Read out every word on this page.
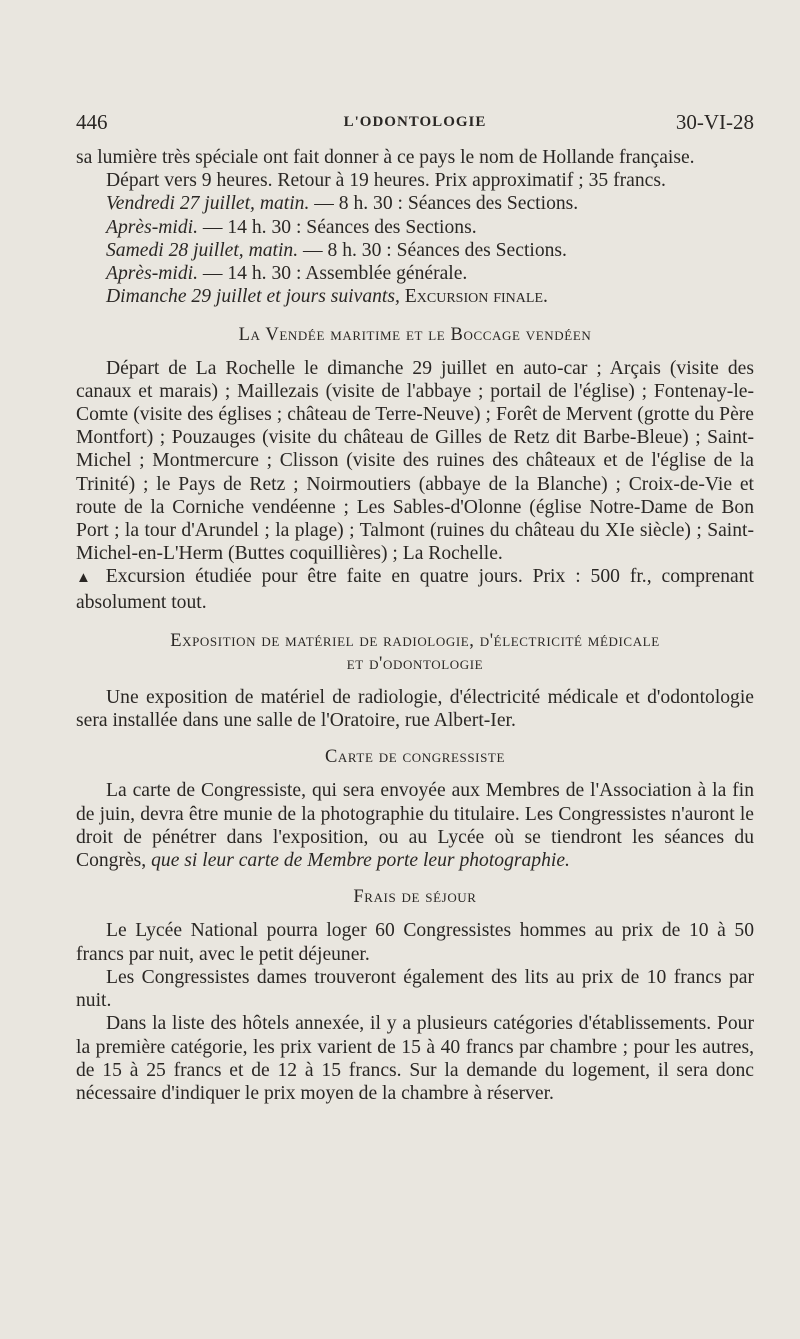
446	L'ODONTOLOGIE	30-VI-28

sa lumière très spéciale ont fait donner à ce pays le nom de Hollande française.

Départ vers 9 heures. Retour à 19 heures. Prix approximatif ; 35 francs.

Vendredi 27 juillet, matin. — 8 h. 30 : Séances des Sections.

Après-midi. — 14 h. 30 : Séances des Sections.

Samedi 28 juillet, matin. — 8 h. 30 : Séances des Sections.

Après-midi. — 14 h. 30 : Assemblée générale.

Dimanche 29 juillet et jours suivants, Excursion finale.

La Vendée maritime et le Boccage vendéen

Départ de La Rochelle le dimanche 29 juillet en auto-car ; Arçais (visite des canaux et marais) ; Maillezais (visite de l'abbaye ; portail de l'église) ; Fontenay-le-Comte (visite des églises ; château de Terre-Neuve) ; Forêt de Mervent (grotte du Père Montfort) ; Pouzauges (visite du château de Gilles de Retz dit Barbe-Bleue) ; Saint-Michel ; Montmercure ; Clisson (visite des ruines des châteaux et de l'église de la Trinité) ; le Pays de Retz ; Noirmoutiers (abbaye de la Blanche) ; Croix-de-Vie et route de la Corniche vendéenne ; Les Sables-d'Olonne (église Notre-Dame de Bon Port ; la tour d'Arundel ; la plage) ; Talmont (ruines du château du XIe siècle) ; Saint-Michel-en-L'Herm (Buttes coquillières) ; La Rochelle.

▲ Excursion étudiée pour être faite en quatre jours. Prix : 500 fr., comprenant absolument tout.

Exposition de matériel de radiologie, d'électricité médicale
et d'odontologie

Une exposition de matériel de radiologie, d'électricité médicale et d'odontologie sera installée dans une salle de l'Oratoire, rue Albert-Ier.

Carte de congressiste

La carte de Congressiste, qui sera envoyée aux Membres de l'Association à la fin de juin, devra être munie de la photographie du titulaire. Les Congressistes n'auront le droit de pénétrer dans l'exposition, ou au Lycée où se tiendront les séances du Congrès, que si leur carte de Membre porte leur photographie.

Frais de séjour

Le Lycée National pourra loger 60 Congressistes hommes au prix de 10 à 50 francs par nuit, avec le petit déjeuner.

Les Congressistes dames trouveront également des lits au prix de 10 francs par nuit.

Dans la liste des hôtels annexée, il y a plusieurs catégories d'établissements. Pour la première catégorie, les prix varient de 15 à 40 francs par chambre ; pour les autres, de 15 à 25 francs et de 12 à 15 francs. Sur la demande du logement, il sera donc nécessaire d'indiquer le prix moyen de la chambre à réserver.
